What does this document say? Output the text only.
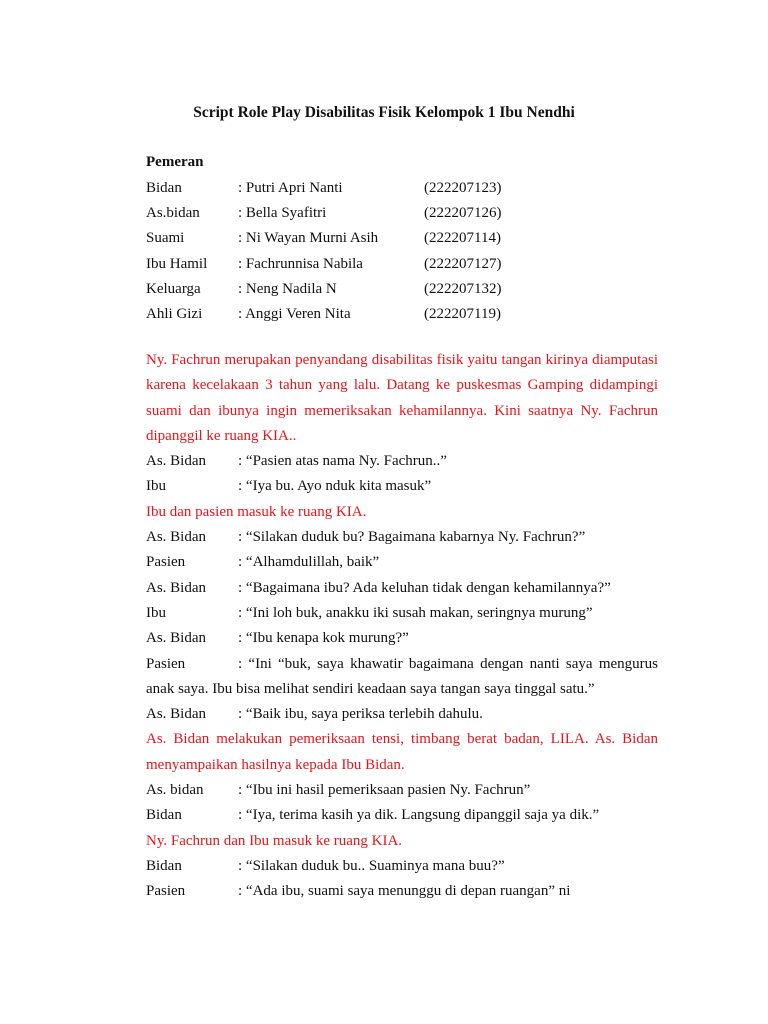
Script Role Play Disabilitas Fisik Kelompok 1 Ibu Nendhi
Pemeran
Bidan	: Putri Apri Nanti	(222207123)
As.bidan	: Bella Syafitri	(222207126)
Suami	: Ni Wayan Murni Asih	(222207114)
Ibu Hamil : Fachrunnisa Nabila	(222207127)
Keluarga : Neng Nadila N	(222207132)
Ahli Gizi : Anggi Veren Nita	(222207119)
Ny. Fachrun merupakan penyandang disabilitas fisik yaitu tangan kirinya diamputasi karena kecelakaan 3 tahun yang lalu. Datang ke puskesmas Gamping didampingi suami dan ibunya ingin memeriksakan kehamilannya. Kini saatnya Ny. Fachrun dipanggil ke ruang KIA..
As. Bidan : “Pasien atas nama Ny. Fachrun..”
Ibu	: “Iya bu. Ayo nduk kita masuk”
Ibu dan pasien masuk ke ruang KIA.
As. Bidan : “Silakan duduk bu? Bagaimana kabarnya Ny. Fachrun?”
Pasien	: “Alhamdulillah, baik”
As. Bidan : “Bagaimana ibu? Ada keluhan tidak dengan kehamilannya?”
Ibu	: “Ini loh buk, anakku iki susah makan, seringnya murung”
As. Bidan : “Ibu kenapa kok murung?”
Pasien	: “Ini “buk, saya khawatir bagaimana dengan nanti saya mengurus anak saya. Ibu bisa melihat sendiri keadaan saya tangan saya tinggal satu.”
As. Bidan : “Baik ibu, saya periksa terlebih dahulu.
As. Bidan melakukan pemeriksaan tensi, timbang berat badan, LILA. As. Bidan menyampaikan hasilnya kepada Ibu Bidan.
As. bidan : “Ibu ini hasil pemeriksaan pasien Ny. Fachrun”
Bidan	: “Iya, terima kasih ya dik. Langsung dipanggil saja ya dik.”
Ny. Fachrun dan Ibu masuk ke ruang KIA.
Bidan	: “Silakan duduk bu.. Suaminya mana buu?”
Pasien	: “Ada ibu, suami saya menunggu di depan ruangan” ni
